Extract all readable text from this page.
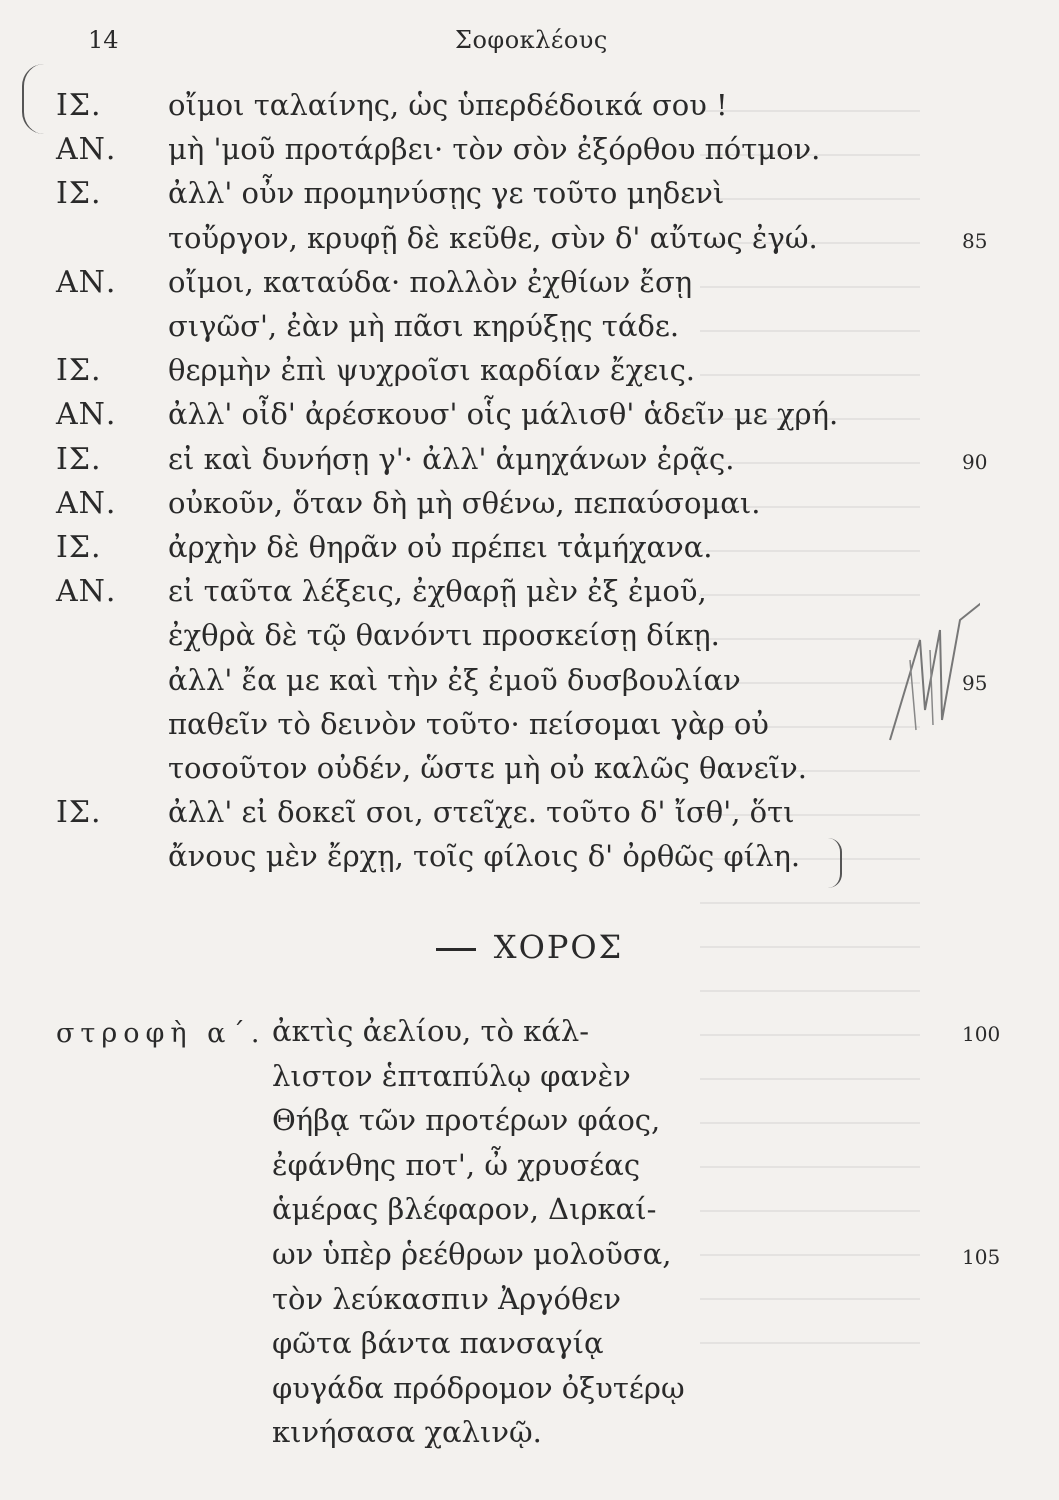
14	Σοφοκλέους
ΙΣ. οἴμοι ταλαίνης, ὡς ὑπερδέδοικά σου !
ΑΝ. μὴ 'μοῦ προτάρβει· τὸν σὸν ἐξόρθου πότμον.
ΙΣ. ἀλλ' οὖν προμηνύσῃς γε τοῦτο μηδενὶ
τοὔργον, κρυφῇ δὲ κεῦθε, σὺν δ' αὔτως ἐγώ.	85
ΑΝ. οἴμοι, καταύδα· πολλὸν ἐχθίων ἔσῃ
σιγῶσ', ἐὰν μὴ πᾶσι κηρύξῃς τάδε.
ΙΣ. θερμὴν ἐπὶ ψυχροῖσι καρδίαν ἔχεις.
ΑΝ. ἀλλ' οἶδ' ἀρέσκουσ' οἷς μάλισθ' ἁδεῖν με χρή.
ΙΣ. εἰ καὶ δυνήσῃ γ'· ἀλλ' ἀμηχάνων ἐρᾷς.	90
ΑΝ. οὐκοῦν, ὅταν δὴ μὴ σθένω, πεπαύσομαι.
ΙΣ. ἀρχὴν δὲ θηρᾶν οὐ πρέπει τἀμήχανα.
ΑΝ. εἰ ταῦτα λέξεις, ἐχθαρῇ μὲν ἐξ ἐμοῦ,
ἐχθρὰ δὲ τῷ θανόντι προσκείσῃ δίκῃ.
ἀλλ' ἔα με καὶ τὴν ἐξ ἐμοῦ δυσβουλίαν	95
παθεῖν τὸ δεινὸν τοῦτο· πείσομαι γὰρ οὐ
τοσοῦτον οὐδέν, ὥστε μὴ οὐ καλῶς θανεῖν.
ΙΣ. ἀλλ' εἰ δοκεῖ σοι, στεῖχε. τοῦτο δ' ἴσθ', ὅτι
ἄνους μὲν ἔρχῃ, τοῖς φίλοις δ' ὀρθῶς φίλη.
ΧΟΡΟΣ
στροφὴ α΄. ἀκτὶς ἀελίου, τὸ κάλ-	100
λιστον ἑπταπύλῳ φανὲν
Θήβᾳ τῶν προτέρων φάος,
ἐφάνθης ποτ', ὦ χρυσέας
ἁμέρας βλέφαρον, Διρκαί-
ων ὑπὲρ ῥεέθρων μολοῦσα,	105
τὸν λεύκασπιν Ἀργόθεν
φῶτα βάντα πανσαγίᾳ
φυγάδα πρόδρομον ὀξυτέρῳ
κινήσασα χαλινῷ.
